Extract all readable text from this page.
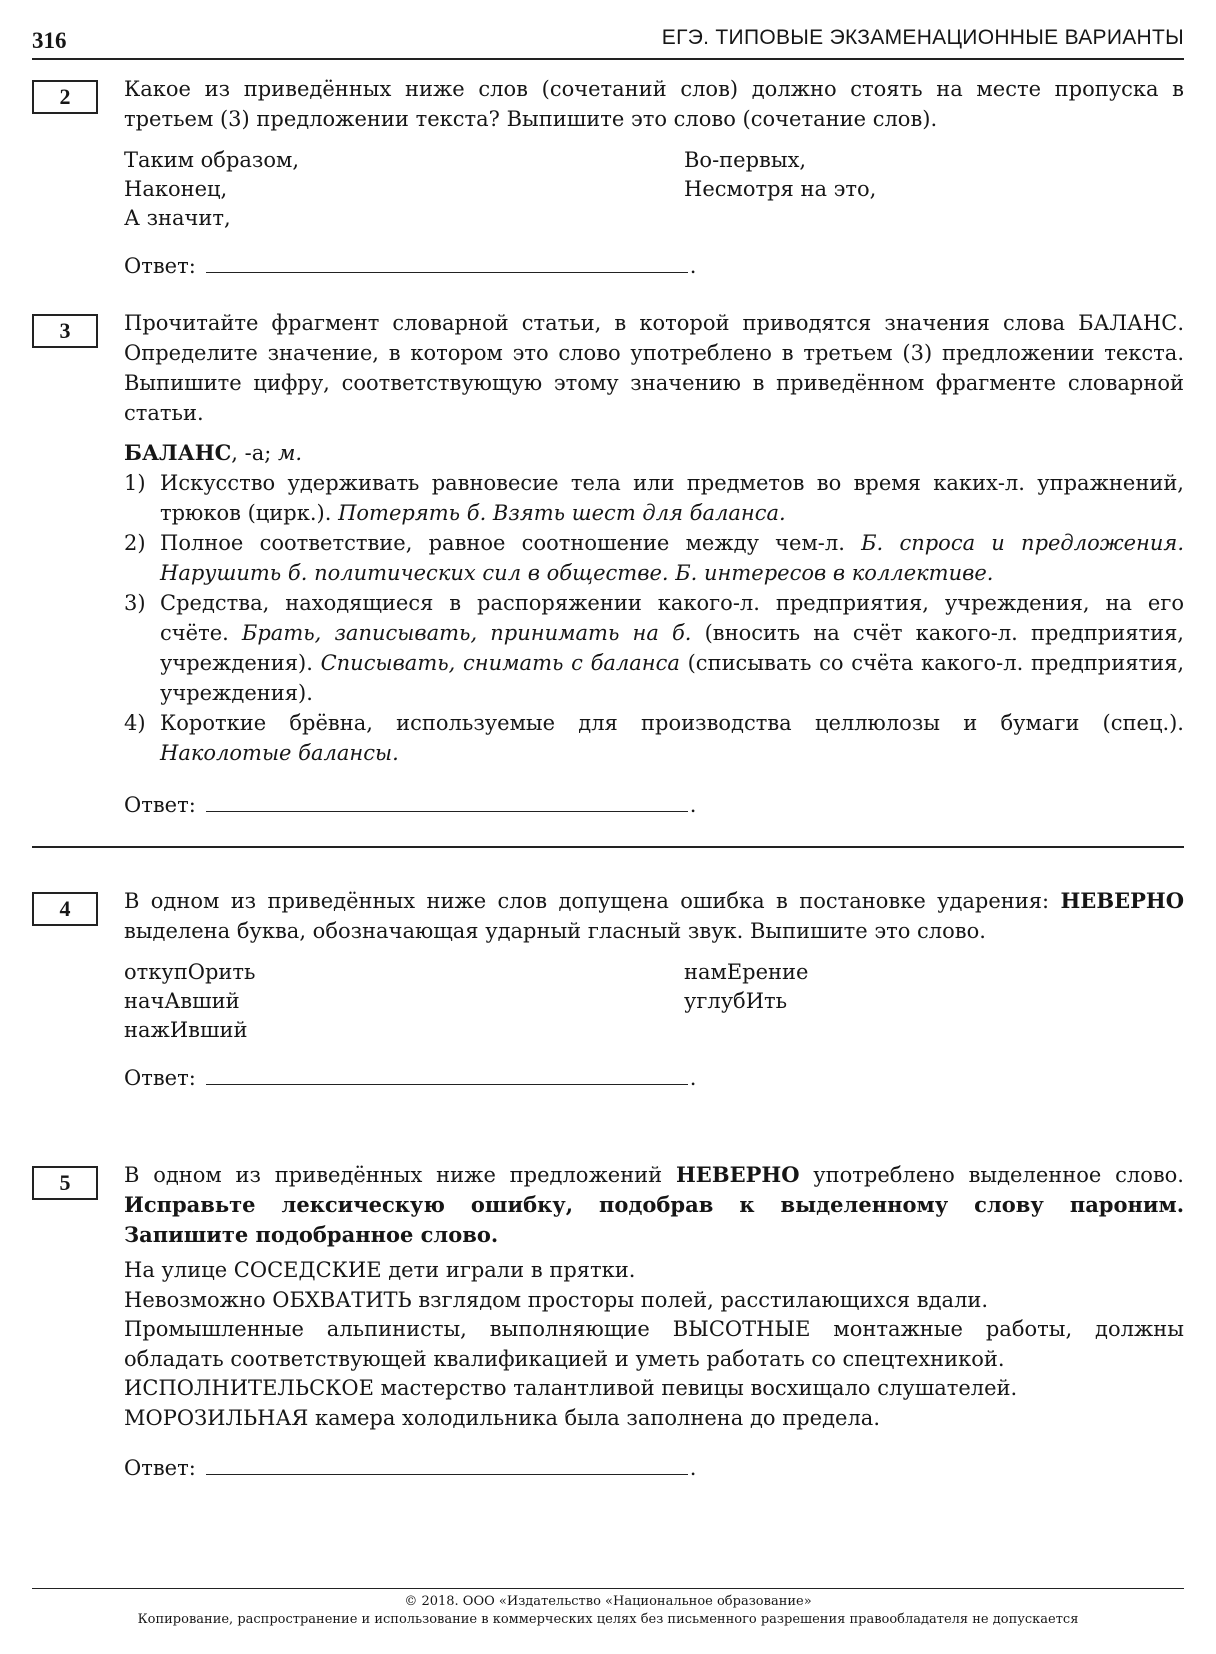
316	ЕГЭ. ТИПОВЫЕ ЭКЗАМЕНАЦИОННЫЕ ВАРИАНТЫ
2	Какое из приведённых ниже слов (сочетаний слов) должно стоять на месте пропуска в третьем (3) предложении текста? Выпишите это слово (сочетание слов).

Таким образом,	Во-первых,
Наконец,	Несмотря на это,
А значит,
Ответ:	.
3	Прочитайте фрагмент словарной статьи, в которой приводятся значения слова БАЛАНС. Определите значение, в котором это слово употреблено в третьем (3) предложении текста. Выпишите цифру, соответствующую этому значению в приведённом фрагменте словарной статьи.

БАЛАНС, -а; м.
1) Искусство удерживать равновесие тела или предметов во время каких-л. упражнений, трюков (цирк.). Потерять б. Взять шест для баланса.
2) Полное соответствие, равное соотношение между чем-л. Б. спроса и предложения. Нарушить б. политических сил в обществе. Б. интересов в коллективе.
3) Средства, находящиеся в распоряжении какого-л. предприятия, учреждения, на его счёте. Брать, записывать, принимать на б. (вносить на счёт какого-л. предприятия, учреждения). Списывать, снимать с баланса (списывать со счёта какого-л. предприятия, учреждения).
4) Короткие брёвна, используемые для производства целлюлозы и бумаги (спец.). Наколотые балансы.
Ответ:	.
4	В одном из приведённых ниже слов допущена ошибка в постановке ударения: НЕВЕРНО выделена буква, обозначающая ударный гласный звук. Выпишите это слово.

откупОрить	намЕрение
начАвший	углубИть
нажИвший
Ответ:	.
5	В одном из приведённых ниже предложений НЕВЕРНО употреблено выделенное слово. Исправьте лексическую ошибку, подобрав к выделенному слову пароним. Запишите подобранное слово.

На улице СОСЕДСКИЕ дети играли в прятки.
Невозможно ОБХВАТИТЬ взглядом просторы полей, расстилающихся вдали.
Промышленные альпинисты, выполняющие ВЫСОТНЫЕ монтажные работы, должны обладать соответствующей квалификацией и уметь работать со спецтехникой.
ИСПОЛНИТЕЛЬСКОЕ мастерство талантливой певицы восхищало слушателей.
МОРОЗИЛЬНАЯ камера холодильника была заполнена до предела.
Ответ:	.
© 2018. ООО «Издательство «Национальное образование»
Копирование, распространение и использование в коммерческих целях без письменного разрешения правообладателя не допускается
